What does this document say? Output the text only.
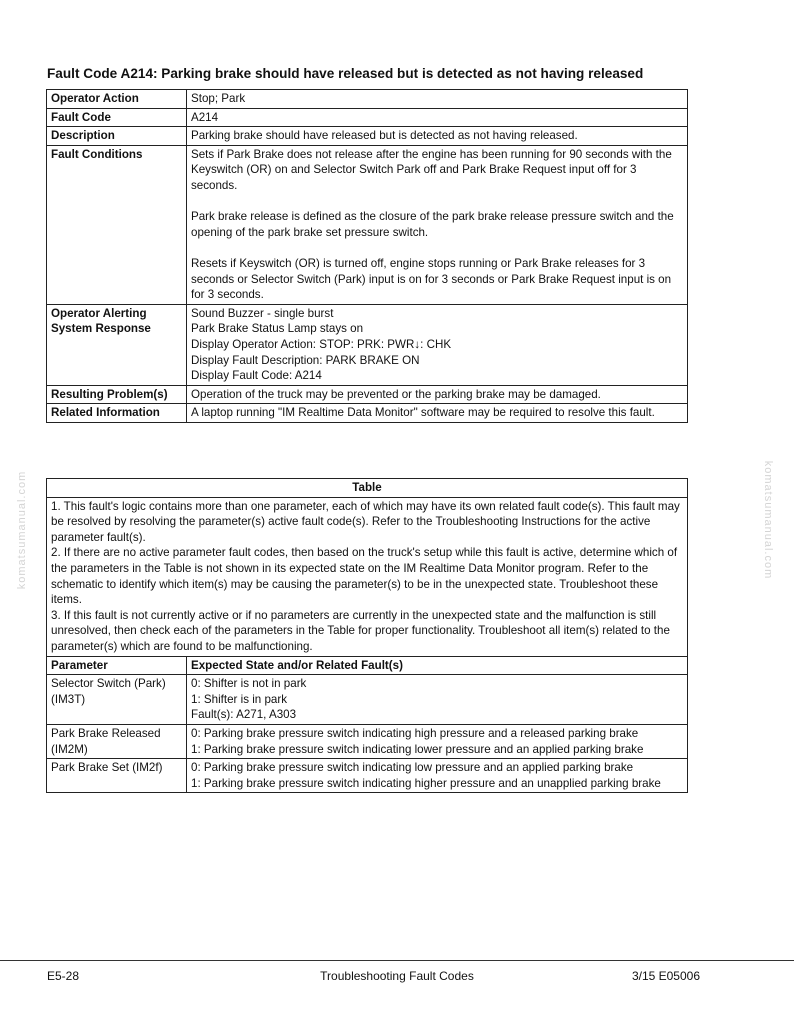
Fault Code A214: Parking brake should have released but is detected as not having released
Operator Action	Stop; Park
Fault Code	A214
Description	Parking brake should have released but is detected as not having released.
Fault Conditions	Sets if Park Brake does not release after the engine has been running for 90 seconds with the Keyswitch (OR) on and Selector Switch Park off and Park Brake Request input off for 3 seconds.

Park brake release is defined as the closure of the park brake release pressure switch and the opening of the park brake set pressure switch.

Resets if Keyswitch (OR) is turned off, engine stops running or Park Brake releases for 3 seconds or Selector Switch (Park) input is on for 3 seconds or Park Brake Request input is on for 3 seconds.

Operator Alerting
System Response	Sound Buzzer - single burst
Park Brake Status Lamp stays on
Display Operator Action: STOP: PRK: PWR↓: CHK
Display Fault Description: PARK BRAKE ON
Display Fault Code: A214

Resulting Problem(s)	Operation of the truck may be prevented or the parking brake may be damaged.
Related Information	A laptop running "IM Realtime Data Monitor" software may be required to resolve this fault.
Table	

1. This fault's logic contains more than one parameter, each of which may have its own related fault code(s). This fault may be resolved by resolving the parameter(s) active fault code(s). Refer to the Troubleshooting Instructions for the active parameter fault(s).
2. If there are no active parameter fault codes, then based on the truck's setup while this fault is active, determine which of the parameters in the Table is not shown in its expected state on the IM Realtime Data Monitor program. Refer to the schematic to identify which item(s) may be causing the parameter(s) to be in the unexpected state. Troubleshoot these items.
3. If this fault is not currently active or if no parameters are currently in the unexpected state and the malfunction is still unresolved, then check each of the parameters in the Table for proper functionality. Troubleshoot all item(s) related to the parameter(s) which are found to be malfunctioning.	

Parameter	Expected State and/or Related Fault(s)

Selector Switch (Park)
(IM3T)	0: Shifter is not in park
1: Shifter is in park
Fault(s): A271, A303

Park Brake Released
(IM2M)	0: Parking brake pressure switch indicating high pressure and a released parking brake
1: Parking brake pressure switch indicating lower pressure and an applied parking brake

Park Brake Set (IM2f)	0: Parking brake pressure switch indicating low pressure and an applied parking brake
1: Parking brake pressure switch indicating higher pressure and an unapplied parking brake
komatsumanual.com	komatsumanual.com
E5-28	Troubleshooting Fault Codes	3/15 E05006
